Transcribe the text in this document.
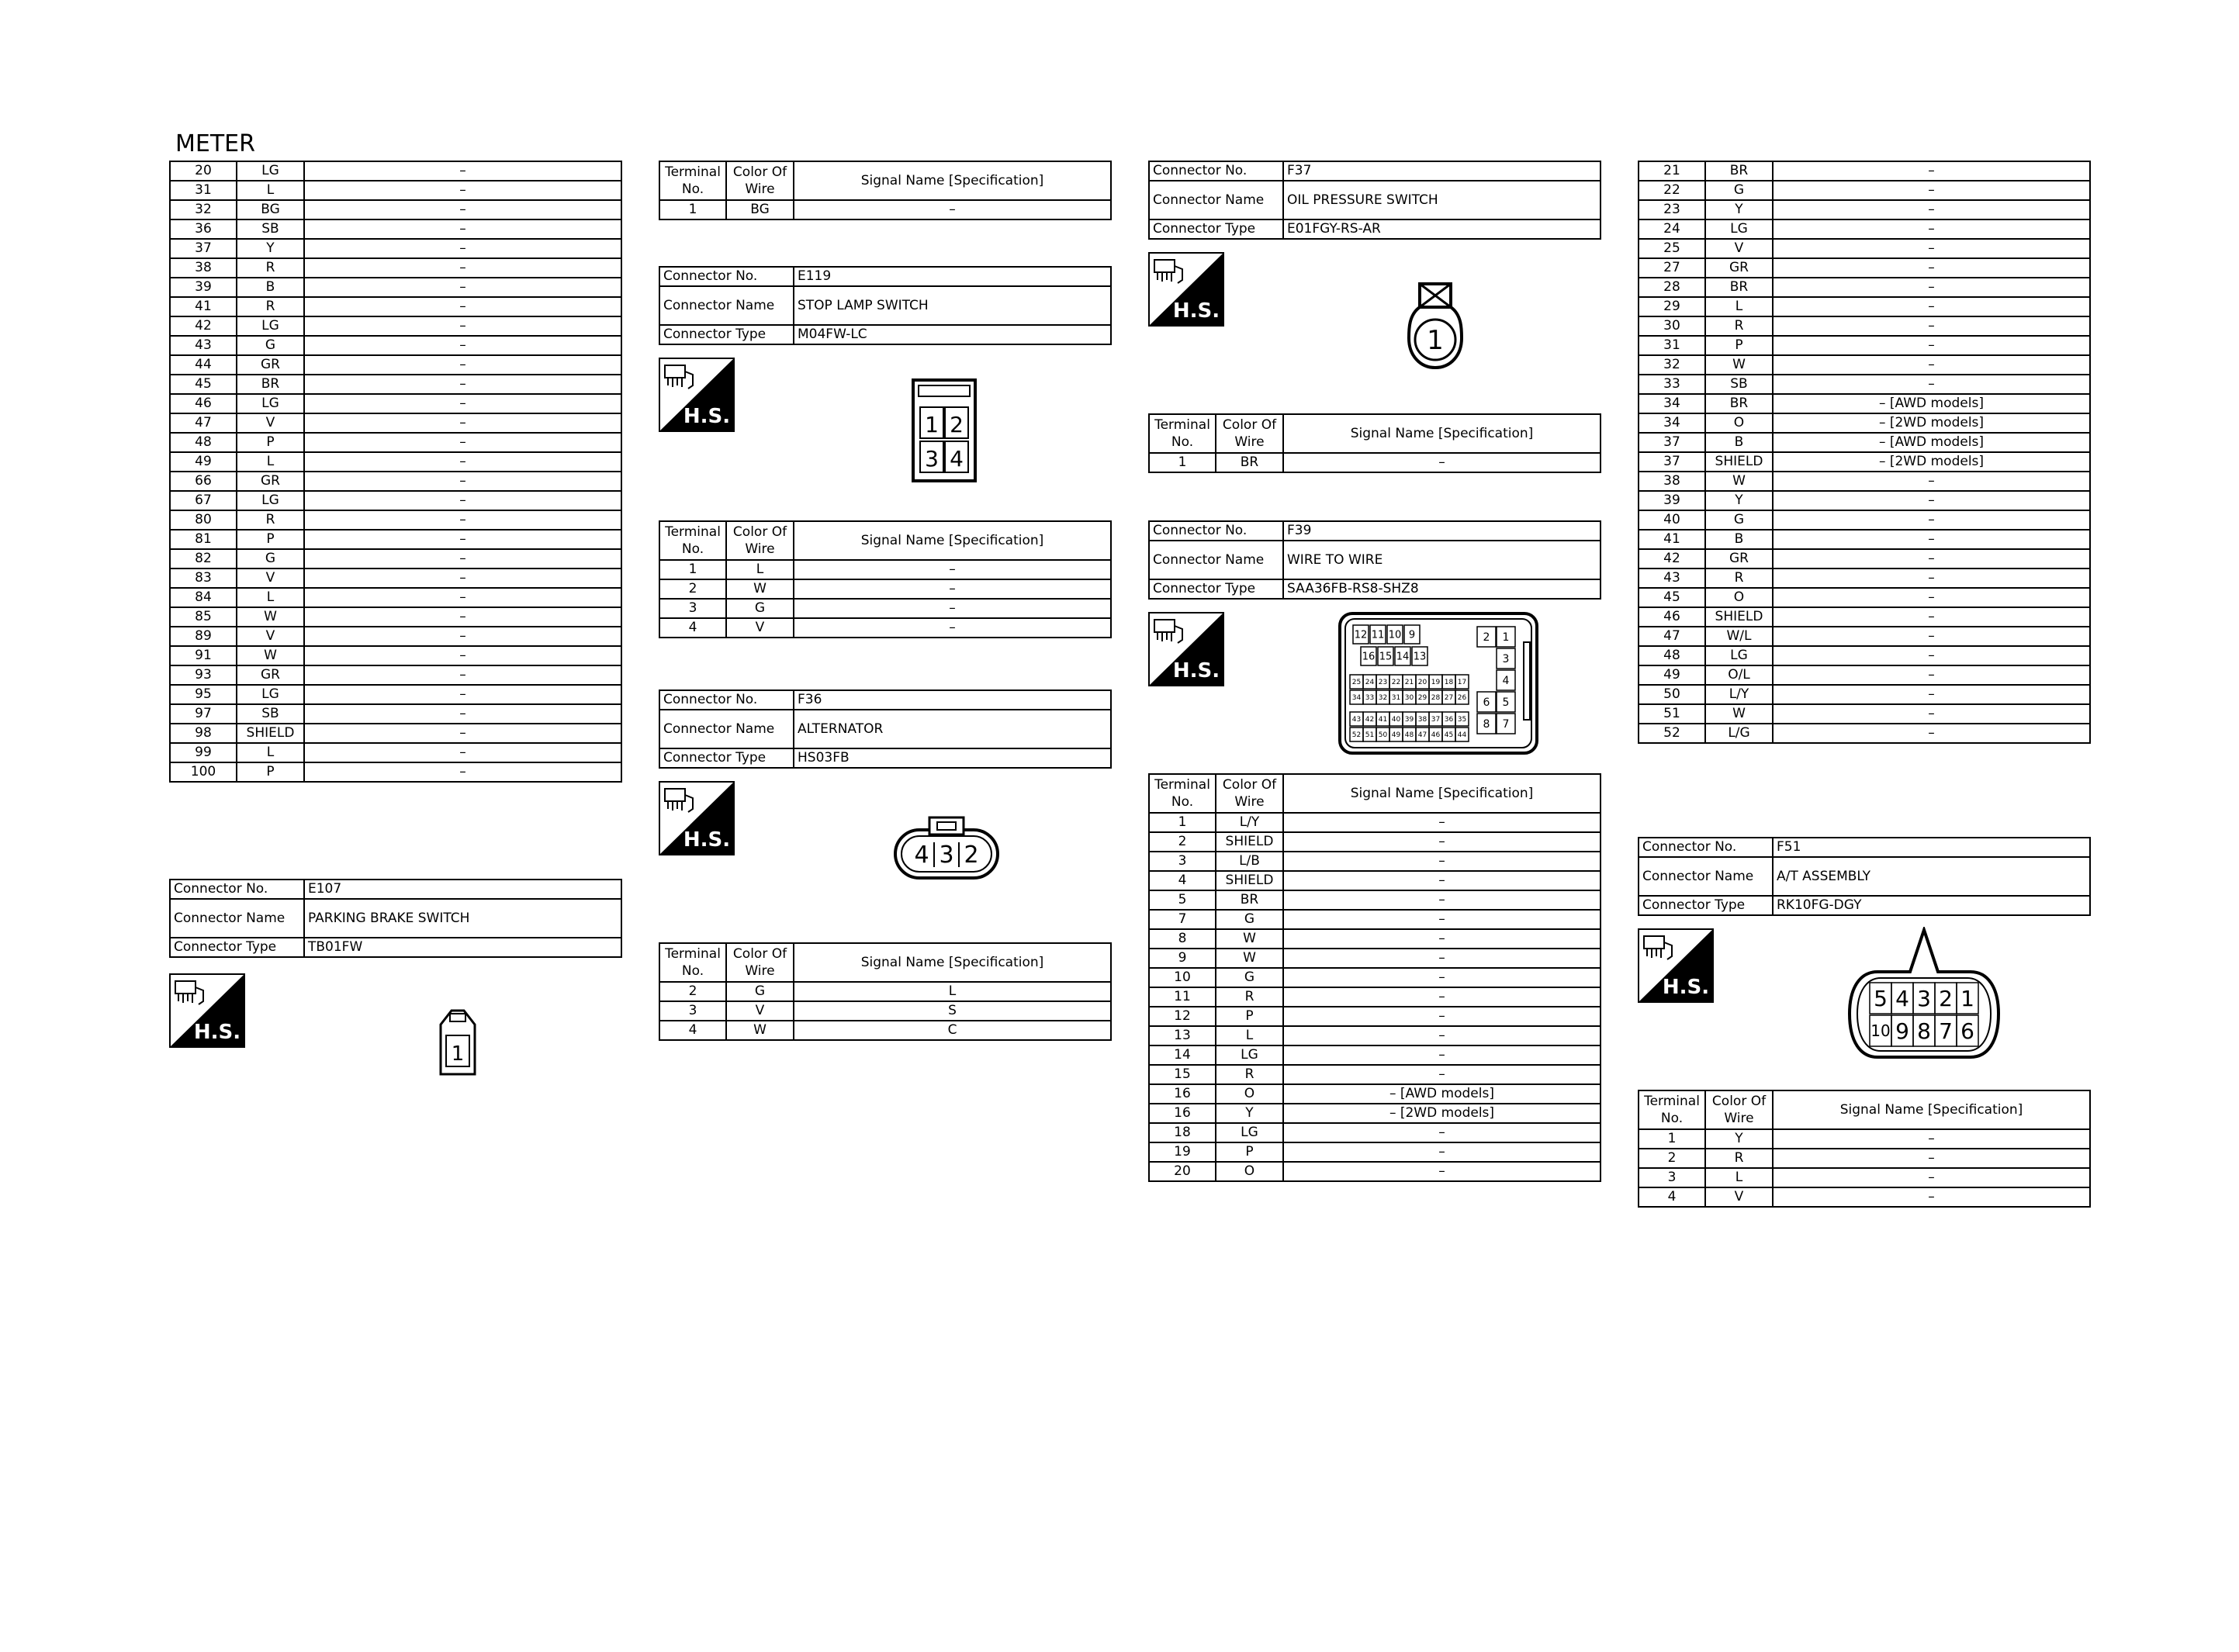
METER
20	LG	–
31	L	–
32	BG	–
36	SB	–
37	Y	–
38	R	–
39	B	–
41	R	–
42	LG	–
43	G	–
44	GR	–
45	BR	–
46	LG	–
47	V	–
48	P	–
49	L	–
66	GR	–
67	LG	–
80	R	–
81	P	–
82	G	–
83	V	–
84	L	–
85	W	–
89	V	–
91	W	–
93	GR	–
95	LG	–
97	SB	–
98	SHIELD	–
99	L	–
100	P	–
Terminal No.	Color Of Wire	Signal Name [Specification]
1	BG	–
Terminal No.	Color Of Wire	Signal Name [Specification]
1	L	–
2	W	–
3	G	–
4	V	–
Terminal No.	Color Of Wire	Signal Name [Specification]
2	G	L
3	V	S
4	W	C
Terminal No.	Color Of Wire	Signal Name [Specification]
1	BR	–
Terminal No.	Color Of Wire	Signal Name [Specification]
1	L/Y	–
2	SHIELD	–
3	L/B	–
4	SHIELD	–
5	BR	–
7	G	–
8	W	–
9	W	–
10	G	–
11	R	–
12	P	–
13	L	–
14	LG	–
15	R	–
16	O	– [AWD models]
16	Y	– [2WD models]
18	LG	–
19	P	–
20	O	–
21	BR	–
22	G	–
23	Y	–
24	LG	–
25	V	–
27	GR	–
28	BR	–
29	L	–
30	R	–
31	P	–
32	W	–
33	SB	–
34	BR	– [AWD models]
34	O	– [2WD models]
37	B	– [AWD models]
37	SHIELD	– [2WD models]
38	W	–
39	Y	–
40	G	–
41	B	–
42	GR	–
43	R	–
45	O	–
46	SHIELD	–
47	W/L	–
48	LG	–
49	O/L	–
50	L/Y	–
51	W	–
52	L/G	–
Terminal No.	Color Of Wire	Signal Name [Specification]
1	Y	–
2	R	–
3	L	–
4	V	–
Connector No.	E107
Connector Name	PARKING BRAKE SWITCH
Connector Type	TB01FW
Connector No.	E119
Connector Name	STOP LAMP SWITCH
Connector Type	M04FW-LC
Connector No.	F36
Connector Name	ALTERNATOR
Connector Type	HS03FB
Connector No.	F37
Connector Name	OIL PRESSURE SWITCH
Connector Type	E01FGY-RS-AR
Connector No.	F39
Connector Name	WIRE TO WIRE
Connector Type	SAA36FB-RS8-SHZ8
Connector No.	F51
Connector Name	A/T ASSEMBLY
Connector Type	RK10FG-DGY
H.S.
H.S.
H.S.
H.S.
H.S.
H.S.
1
1 2
3 4
4 3 2
1
12 11 10 9
16 15 14 13
25 24 23 22 21 20 19 18 17
34 33 32 31 30 29 28 27 26
43 42 41 40 39 38 37 36 35
52 51 50 49 48 47 46 45 44
2 1
3
4
6 5
8 7
5 4 3 2 1
10 9 8 7 6
